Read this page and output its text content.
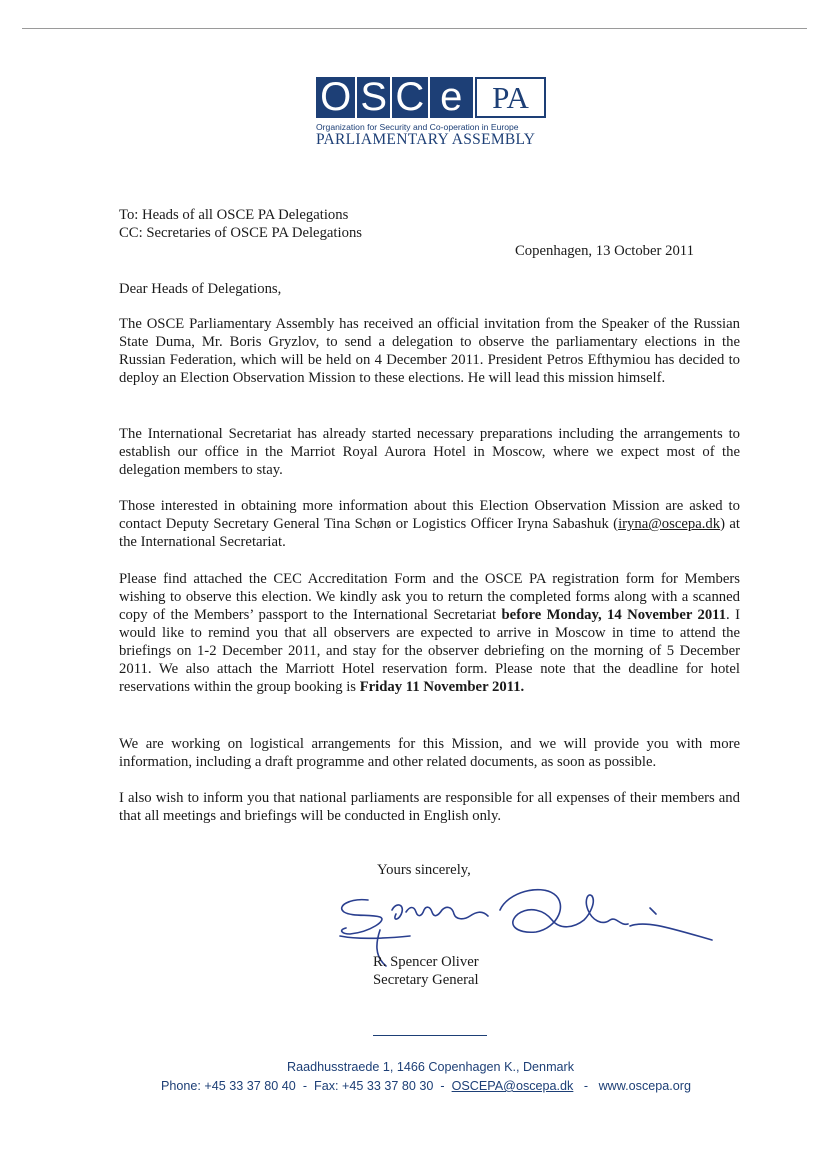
O S C e PA
Organization for Security and Co-operation in Europe
PARLIAMENTARY ASSEMBLY
To: Heads of all OSCE PA Delegations
CC: Secretaries of OSCE PA Delegations
Copenhagen, 13 October 2011
Dear Heads of Delegations,
The OSCE Parliamentary Assembly has received an official invitation from the Speaker of the Russian State Duma, Mr. Boris Gryzlov, to send a delegation to observe the parliamentary elections in the Russian Federation, which will be held on 4 December 2011. President Petros Efthymiou has decided to deploy an Election Observation Mission to these elections. He will lead this mission himself.
The International Secretariat has already started necessary preparations including the arrangements to establish our office in the Marriot Royal Aurora Hotel in Moscow, where we expect most of the delegation members to stay.
Those interested in obtaining more information about this Election Observation Mission are asked to contact Deputy Secretary General Tina Schøn or Logistics Officer Iryna Sabashuk (iryna@oscepa.dk) at the International Secretariat.
Please find attached the CEC Accreditation Form and the OSCE PA registration form for Members wishing to observe this election. We kindly ask you to return the completed forms along with a scanned copy of the Members’ passport to the International Secretariat before Monday, 14 November 2011. I would like to remind you that all observers are expected to arrive in Moscow in time to attend the briefings on 1-2 December 2011, and stay for the observer debriefing on the morning of 5 December 2011. We also attach the Marriott Hotel reservation form. Please note that the deadline for hotel reservations within the group booking is Friday 11 November 2011.
We are working on logistical arrangements for this Mission, and we will provide you with more information, including a draft programme and other related documents, as soon as possible.
I also wish to inform you that national parliaments are responsible for all expenses of their members and that all meetings and briefings will be conducted in English only.
Yours sincerely,
R. Spencer Oliver
Secretary General
Raadhusstraede 1, 1466 Copenhagen K., Denmark
Phone: +45 33 37 80 40 - Fax: +45 33 37 80 30 - OSCEPA@oscepa.dk - www.oscepa.org
